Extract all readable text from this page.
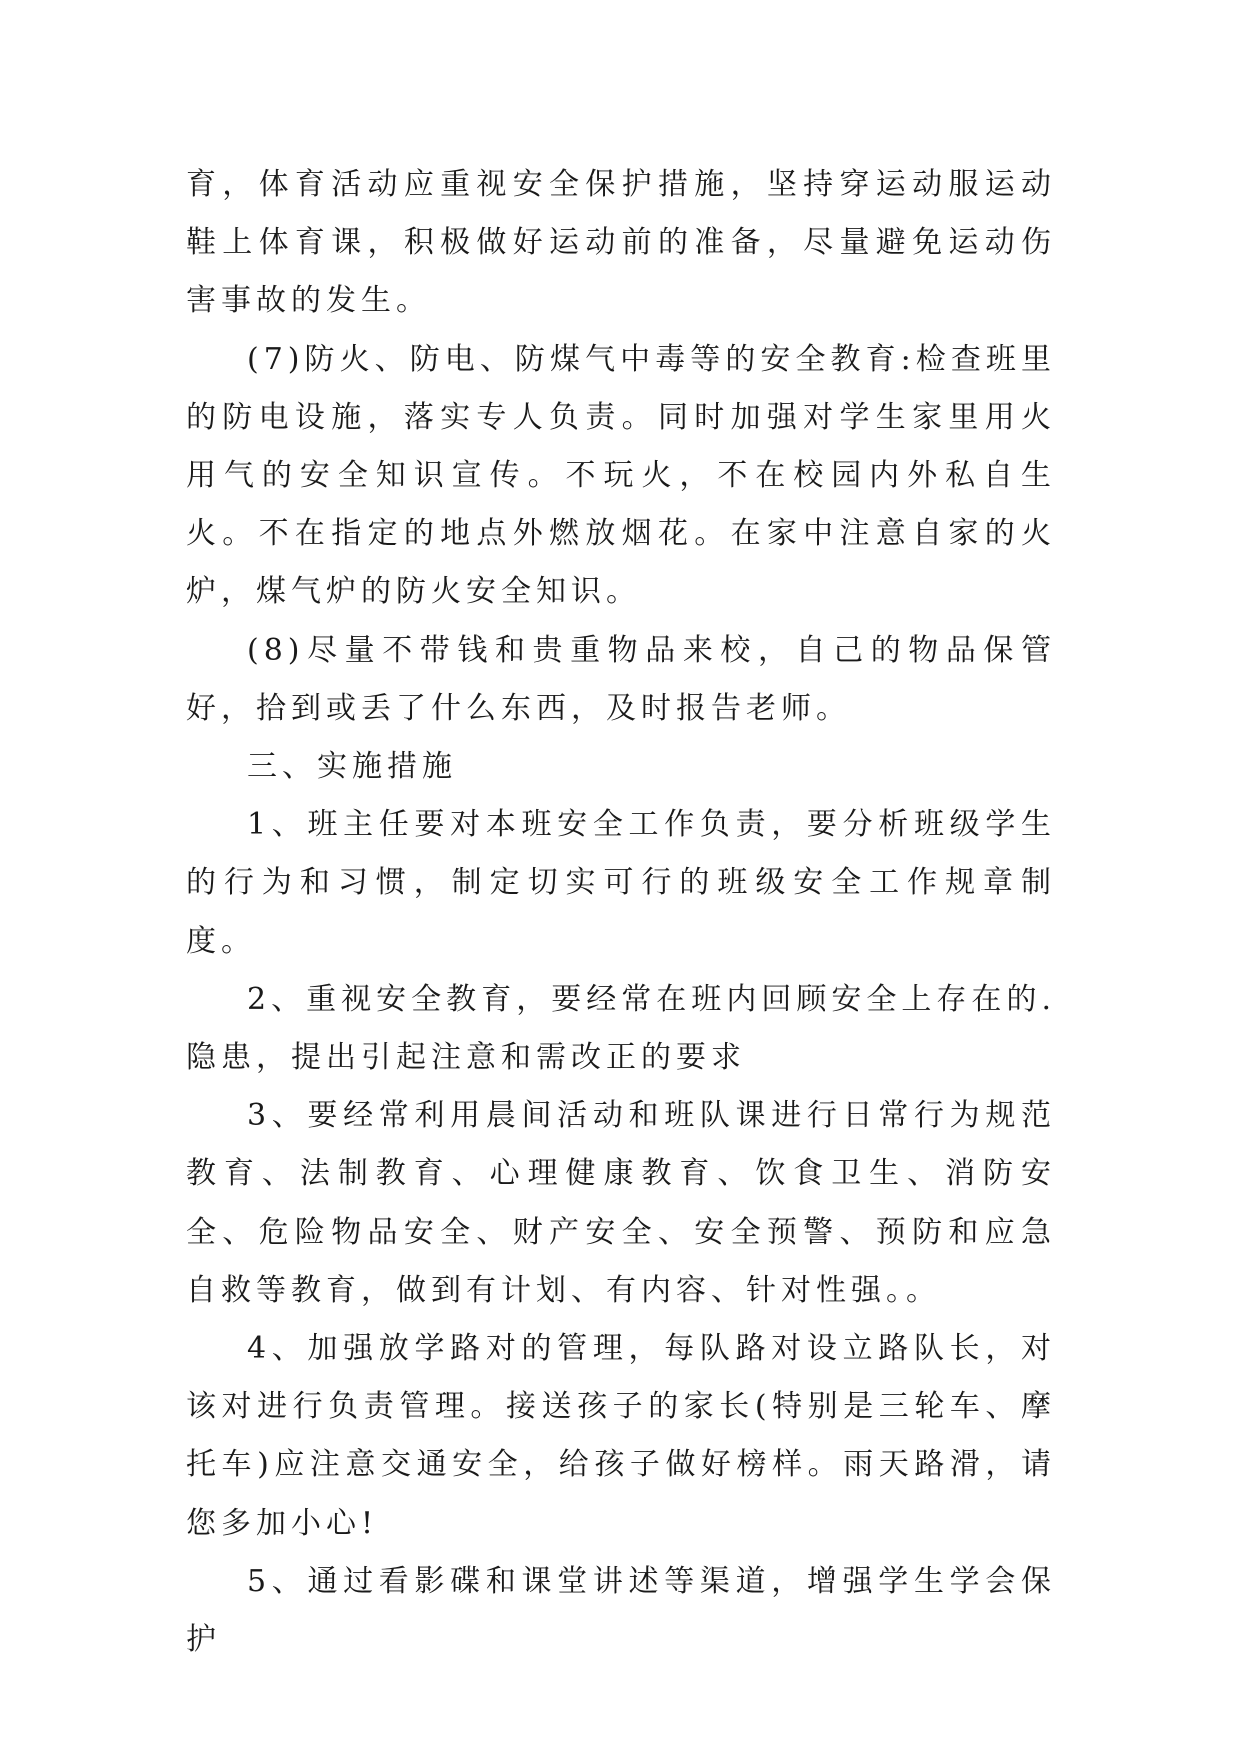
育，体育活动应重视安全保护措施，坚持穿运动服运动鞋上体育课，积极做好运动前的准备，尽量避免运动伤害事故的发生。

(7)防火、防电、防煤气中毒等的安全教育:检查班里的防电设施，落实专人负责。同时加强对学生家里用火用气的安全知识宣传。不玩火，不在校园内外私自生火。不在指定的地点外燃放烟花。在家中注意自家的火炉，煤气炉的防火安全知识。

(8)尽量不带钱和贵重物品来校，自己的物品保管好，拾到或丢了什么东西，及时报告老师。

三、实施措施

1、班主任要对本班安全工作负责，要分析班级学生的行为和习惯，制定切实可行的班级安全工作规章制度。

2、重视安全教育，要经常在班内回顾安全上存在的.隐患，提出引起注意和需改正的要求

3、要经常利用晨间活动和班队课进行日常行为规范教育、法制教育、心理健康教育、饮食卫生、消防安全、危险物品安全、财产安全、安全预警、预防和应急自救等教育，做到有计划、有内容、针对性强。。

4、加强放学路对的管理，每队路对设立路队长，对该对进行负责管理。接送孩子的家长(特别是三轮车、摩托车)应注意交通安全，给孩子做好榜样。雨天路滑，请您多加小心!

5、通过看影碟和课堂讲述等渠道，增强学生学会保护
